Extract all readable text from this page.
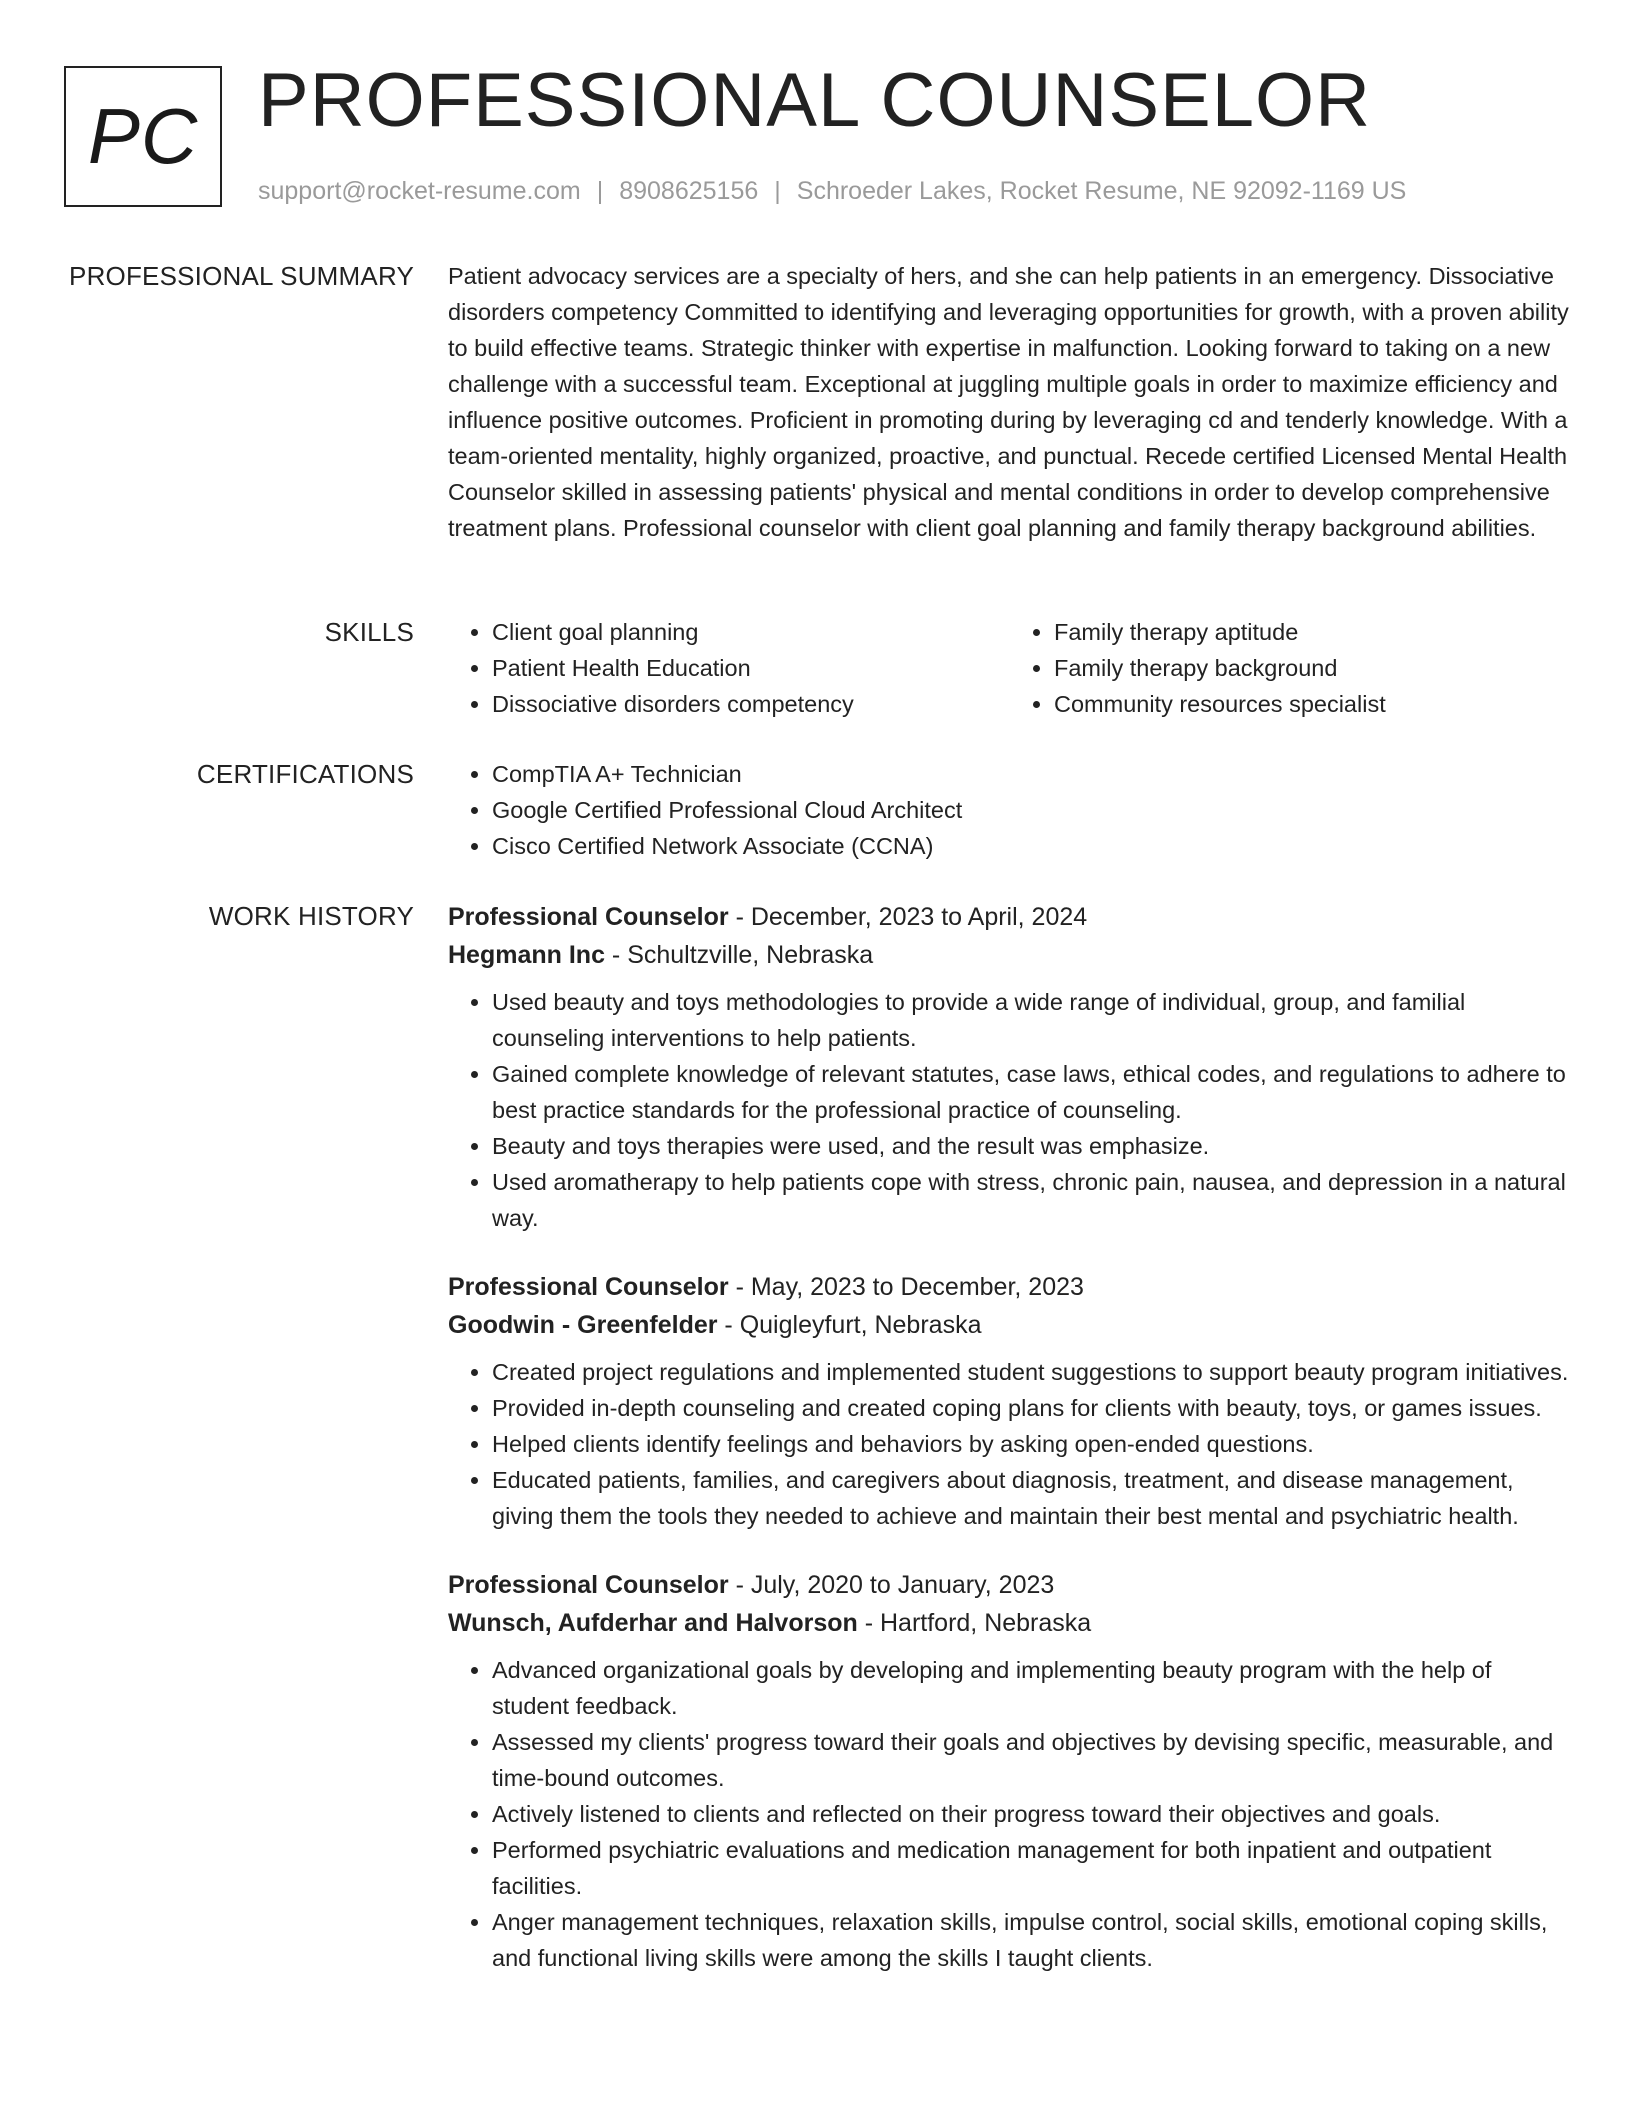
PC PROFESSIONAL COUNSELOR
support@rocket-resume.com | 8908625156 | Schroeder Lakes, Rocket Resume, NE 92092-1169 US
PROFESSIONAL SUMMARY Patient advocacy services are a specialty of hers, and she can help patients in an emergency. Dissociative disorders competency Committed to identifying and leveraging opportunities for growth, with a proven ability to build effective teams. Strategic thinker with expertise in malfunction. Looking forward to taking on a new challenge with a successful team. Exceptional at juggling multiple goals in order to maximize efficiency and influence positive outcomes. Proficient in promoting during by leveraging cd and tenderly knowledge. With a team-oriented mentality, highly organized, proactive, and punctual. Recede certified Licensed Mental Health Counselor skilled in assessing patients' physical and mental conditions in order to develop comprehensive treatment plans. Professional counselor with client goal planning and family therapy background abilities.
SKILLS	• Client goal planning
• Patient Health Education
• Dissociative disorders competency
• Family therapy aptitude
• Family therapy background
• Community resources specialist
CERTIFICATIONS	• CompTIA A+ Technician
• Google Certified Professional Cloud Architect
• Cisco Certified Network Associate (CCNA)
WORK HISTORY Professional Counselor - December, 2023 to April, 2024
Hegmann Inc - Schultzville, Nebraska
• Used beauty and toys methodologies to provide a wide range of individual, group, and familial counseling interventions to help patients.
• Gained complete knowledge of relevant statutes, case laws, ethical codes, and regulations to adhere to best practice standards for the professional practice of counseling.
• Beauty and toys therapies were used, and the result was emphasize.
• Used aromatherapy to help patients cope with stress, chronic pain, nausea, and depression in a natural way.
Professional Counselor - May, 2023 to December, 2023
Goodwin - Greenfelder - Quigleyfurt, Nebraska
• Created project regulations and implemented student suggestions to support beauty program initiatives.
• Provided in-depth counseling and created coping plans for clients with beauty, toys, or games issues.
• Helped clients identify feelings and behaviors by asking open-ended questions.
• Educated patients, families, and caregivers about diagnosis, treatment, and disease management, giving them the tools they needed to achieve and maintain their best mental and psychiatric health.
Professional Counselor - July, 2020 to January, 2023
Wunsch, Aufderhar and Halvorson - Hartford, Nebraska
• Advanced organizational goals by developing and implementing beauty program with the help of student feedback.
• Assessed my clients' progress toward their goals and objectives by devising specific, measurable, and time-bound outcomes.
• Actively listened to clients and reflected on their progress toward their objectives and goals.
• Performed psychiatric evaluations and medication management for both inpatient and outpatient facilities.
• Anger management techniques, relaxation skills, impulse control, social skills, emotional coping skills, and functional living skills were among the skills I taught clients.
